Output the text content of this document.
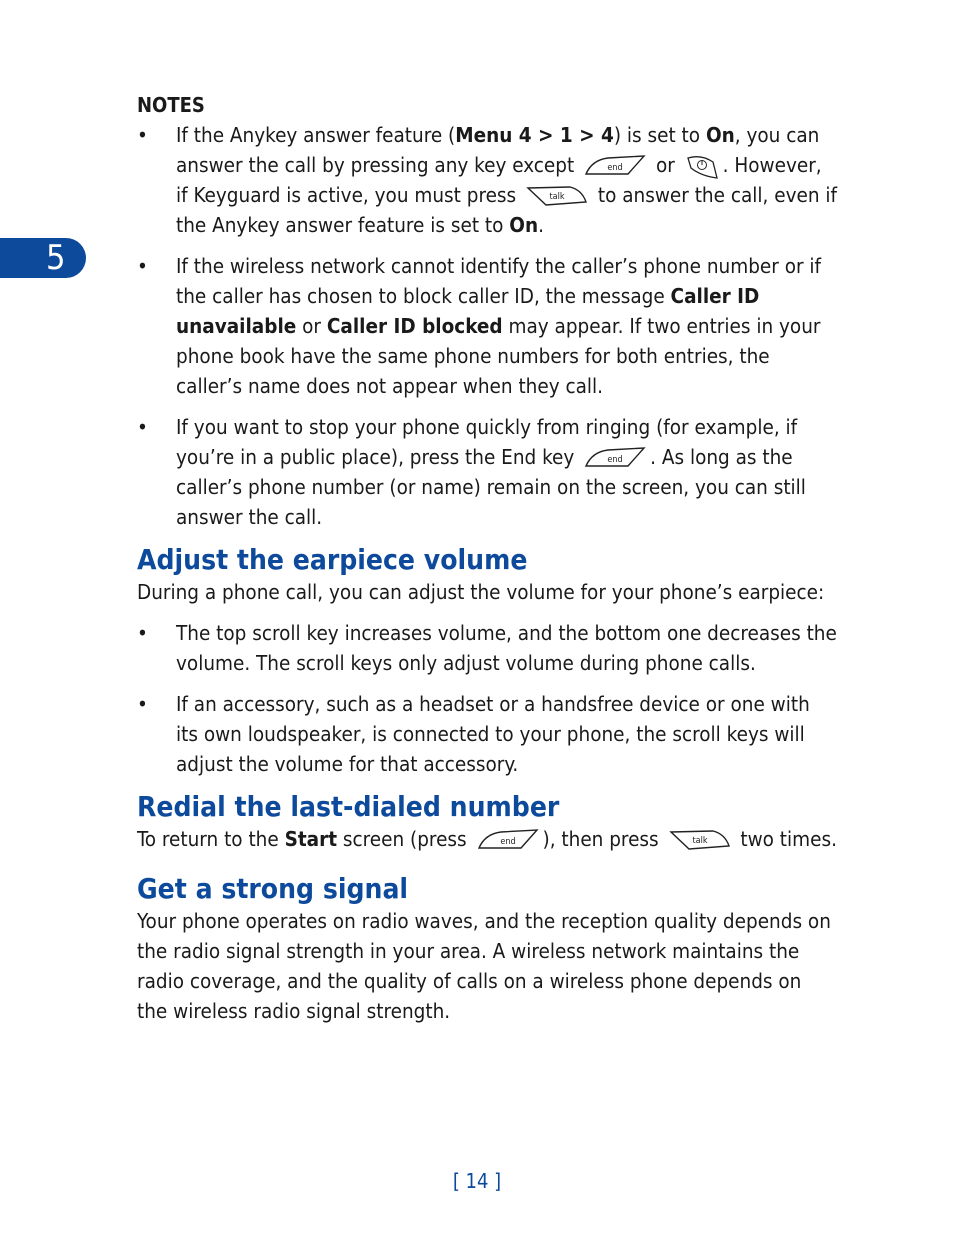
5
NOTES
• If the Anykey answer feature (Menu 4 > 1 > 4) is set to On, you can answer the call by pressing any key except	end or . However, if Keyguard is active, you must press	talk to answer the call, even if the Anykey answer feature is set to On.
• If the wireless network cannot identify the caller’s phone number or if the caller has chosen to block caller ID, the message Caller ID unavailable or Caller ID blocked may appear. If two entries in your phone book have the same phone numbers for both entries, the caller’s name does not appear when they call.
• If you want to stop your phone quickly from ringing (for example, if you’re in a public place), press the End key	end . As long as the caller’s phone number (or name) remain on the screen, you can still answer the call.
Adjust the earpiece volume

During a phone call, you can adjust the volume for your phone’s earpiece:

• The top scroll key increases volume, and the bottom one decreases the volume. The scroll keys only adjust volume during phone calls.
• If an accessory, such as a headset or a handsfree device or one with its own loudspeaker, is connected to your phone, the scroll keys will adjust the volume for that accessory.
Redial the last-dialed number

To return to the Start screen (press	end ), then press	talk two times.

Get a strong signal

Your phone operates on radio waves, and the reception quality depends on the radio signal strength in your area. A wireless network maintains the radio coverage, and the quality of calls on a wireless phone depends on the wireless radio signal strength.

[ 14 ]
